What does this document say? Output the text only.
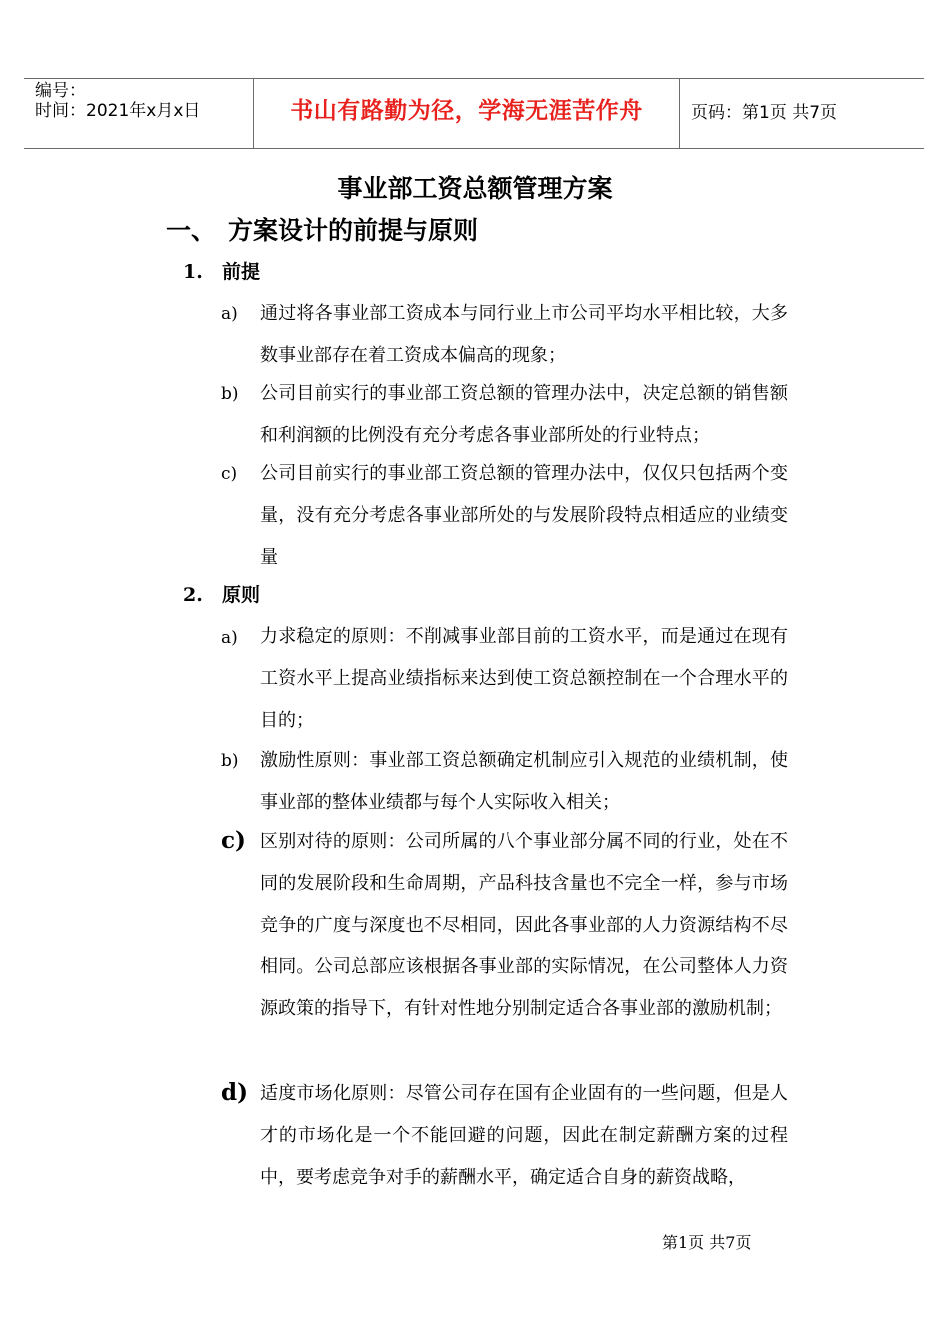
编号：
时间：2021年x月x日	书山有路勤为径，学海无涯苦作舟	页码：第1页 共7页
事业部工资总额管理方案
一、 方案设计的前提与原则
1. 前提
a) 通过将各事业部工资成本与同行业上市公司平均水平相比较，大多数事业部存在着工资成本偏高的现象；
b) 公司目前实行的事业部工资总额的管理办法中，决定总额的销售额和利润额的比例没有充分考虑各事业部所处的行业特点；
c) 公司目前实行的事业部工资总额的管理办法中，仅仅只包括两个变量，没有充分考虑各事业部所处的与发展阶段特点相适应的业绩变量
2. 原则
a) 力求稳定的原则：不削减事业部目前的工资水平，而是通过在现有工资水平上提高业绩指标来达到使工资总额控制在一个合理水平的目的；
b) 激励性原则：事业部工资总额确定机制应引入规范的业绩机制，使事业部的整体业绩都与每个人实际收入相关；
c) 区别对待的原则：公司所属的八个事业部分属不同的行业，处在不同的发展阶段和生命周期，产品科技含量也不完全一样，参与市场竞争的广度与深度也不尽相同，因此各事业部的人力资源结构不尽相同。公司总部应该根据各事业部的实际情况，在公司整体人力资源政策的指导下，有针对性地分别制定适合各事业部的激励机制；
d) 适度市场化原则：尽管公司存在国有企业固有的一些问题，但是人才的市场化是一个不能回避的问题，因此在制定薪酬方案的过程中，要考虑竞争对手的薪酬水平，确定适合自身的薪资战略，
第1页 共7页
